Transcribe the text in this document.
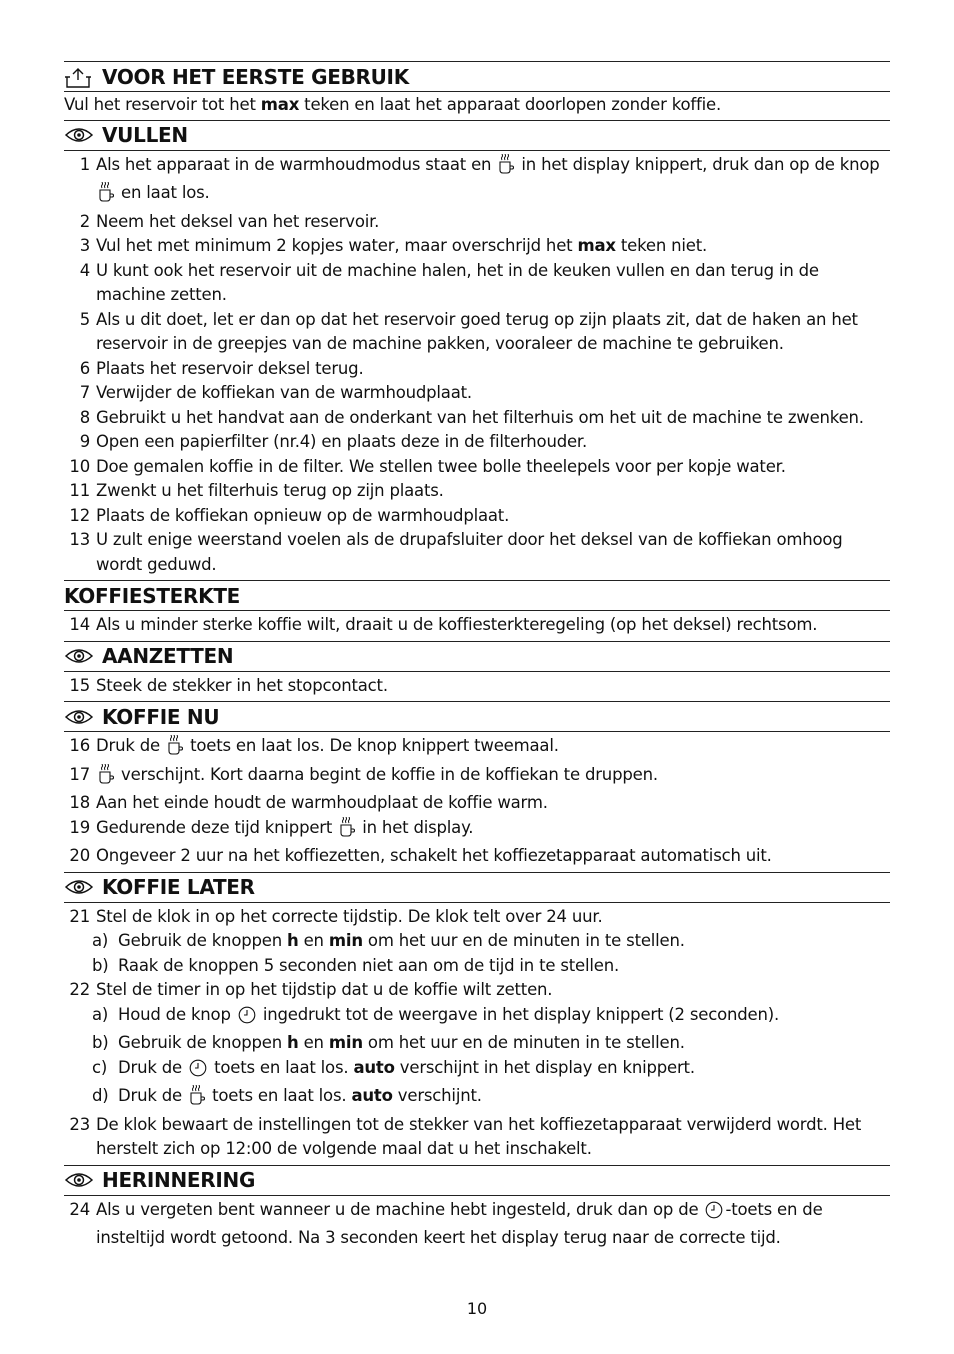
VOOR HET EERSTE GEBRUIK
Vul het reservoir tot het max teken en laat het apparaat doorlopen zonder koffie.
VULLEN
1 Als het apparaat in de warmhoudmodus staat en  in het display knippert, druk dan op de knop  en laat los.
2 Neem het deksel van het reservoir.
3 Vul het met minimum 2 kopjes water, maar overschrijd het max teken niet.
4 U kunt ook het reservoir uit de machine halen, het in de keuken vullen en dan terug in de machine zetten.
5 Als u dit doet, let er dan op dat het reservoir goed terug op zijn plaats zit, dat de haken an het reservoir in de greepjes van de machine pakken, vooraleer de machine te gebruiken.
6 Plaats het reservoir deksel terug.
7 Verwijder de koffiekan van de warmhoudplaat.
8 Gebruikt u het handvat aan de onderkant van het filterhuis om het uit de machine te zwenken.
9 Open een papierfilter (nr.4) en plaats deze in de filterhouder.
10 Doe gemalen koffie in de filter. We stellen twee bolle theelepels voor per kopje water.
11 Zwenkt u het filterhuis terug op zijn plaats.
12 Plaats de koffiekan opnieuw op de warmhoudplaat.
13 U zult enige weerstand voelen als de drupafsluiter door het deksel van de koffiekan omhoog wordt geduwd.
KOFFIESTERKTE
14 Als u minder sterke koffie wilt, draait u de koffiesterkteregeling (op het deksel) rechtsom.
AANZETTEN
15 Steek de stekker in het stopcontact.
KOFFIE NU
16 Druk de  toets en laat los. De knop knippert tweemaal.
17	verschijnt. Kort daarna begint de koffie in de koffiekan te druppen.
18 Aan het einde houdt de warmhoudplaat de koffie warm.
19 Gedurende deze tijd knippert  in het display.
20 Ongeveer 2 uur na het koffiezetten, schakelt het koffiezetapparaat automatisch uit.
KOFFIE LATER
21 Stel de klok in op het correcte tijdstip. De klok telt over 24 uur.
a) Gebruik de knoppen h en min om het uur en de minuten in te stellen.
b) Raak de knoppen 5 seconden niet aan om de tijd in te stellen.
22 Stel de timer in op het tijdstip dat u de koffie wilt zetten.
a) Houd de knop  ingedrukt tot de weergave in het display knippert (2 seconden).
b) Gebruik de knoppen h en min om het uur en de minuten in te stellen.
c) Druk de  toets en laat los. auto verschijnt in het display en knippert.
d) Druk de  toets en laat los. auto verschijnt.
23 De klok bewaart de instellingen tot de stekker van het koffiezetapparaat verwijderd wordt. Het herstelt zich op 12:00 de volgende maal dat u het inschakelt.
HERINNERING
24 Als u vergeten bent wanneer u de machine hebt ingesteld, druk dan op de -toets en de insteltijd wordt getoond. Na 3 seconden keert het display terug naar de correcte tijd.
10
